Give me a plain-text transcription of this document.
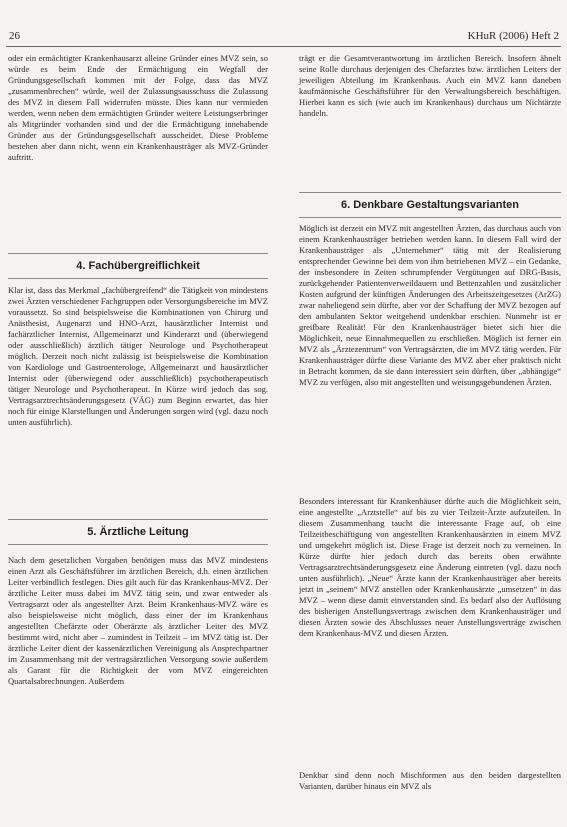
26	KHuR (2006) Heft 2

oder ein ermächtigter Krankenhausarzt alleine Gründer eines MVZ sein, so würde es beim Ende der Ermächtigung ein Wegfall der Gründungsgesellschaft kommen mit der Folge, dass das MVZ „zusammenbrechen“ würde, weil der Zulassungsausschuss die Zulassung des MVZ in diesem Fall widerrufen müsste. Dies kann nur vermieden werden, wenn neben dem ermächtigten Gründer weitere Leistungserbringer als Mitgründer vorhanden sind und der die Ermächtigung innehabende Gründer aus der Gründungsgesellschaft ausscheidet. Diese Probleme bestehen aber dann nicht, wenn ein Krankenhausträger als MVZ-Gründer auftritt.

4. Fachübergreiflichkeit

Klar ist, dass das Merkmal „fachübergreifend“ die Tätigkeit von mindestens zwei Ärzten verschiedener Fachgruppen oder Versorgungsbereiche im MVZ voraussetzt. So sind beispielsweise die Kombinationen von Chirurg und Anästhesist, Augenarzt und HNO-Arzt, hausärztlicher Internist und fachärztlicher Internist, Allgemeinarzt und Kinderarzt und (überwiegend oder ausschließlich) ärztlich tätiger Neurologe und Psychotherapeut möglich. Derzeit noch nicht zulässig ist beispielsweise die Kombination von Kardiologe und Gastroenterologe, Allgemeinarzt und hausärztlicher Internist oder (überwiegend oder ausschließlich) psychotherapeutisch tätiger Neurologe und Psychotherapeut. In Kürze wird jedoch das sog. Vertragsarztrechtsänderungsgesetz (VÄG) zum Beginn erwartet, das hier noch für einige Klarstellungen und Änderungen sorgen wird (vgl. dazu noch unten ausführlich).

5. Ärztliche Leitung

Nach dem gesetzlichen Vorgaben benötigen muss das MVZ mindestens einen Arzt als Geschäftsführer im ärztlichen Bereich, d.h. einen ärztlichen Leiter verbindlich festlegen. Dies gilt auch für das Krankenhaus-MVZ. Der ärztliche Leiter muss dabei im MVZ tätig sein, und zwar entweder als Vertragsarzt oder als angestellter Arzt. Beim Krankenhaus-MVZ wäre es also beispielsweise nicht möglich, dass einer der im Krankenhaus angestellten Chefärzte oder Oberärzte als ärztlicher Leiter des MVZ bestimmt wird, nicht aber – zumindest in Teilzeit – im MVZ tätig ist. Der ärztliche Leiter dient der kassenärztlichen Vereinigung als Ansprechpartner im Zusammenhang mit der vertragsärztlichen Versorgung sowie außerdem als Garant für die Richtigkeit der vom MVZ eingereichten Quartalsabrechnungen. Außerdem

trägt er die Gesamtverantwortung im ärztlichen Bereich. Insofern ähnelt seine Rolle durchaus derjenigen des Chefarztes bzw. ärztlichen Leiters der jeweiligen Abteilung im Krankenhaus. Auch ein MVZ kann daneben kaufmännische Geschäftsführer für den Verwaltungsbereich beschäftigen. Hierbei kann es sich (wie auch im Krankenhaus) durchaus um Nichtärzte handeln.

6. Denkbare Gestaltungsvarianten

Möglich ist derzeit ein MVZ mit angestellten Ärzten, das durchaus auch von einem Krankenhausträger betrieben werden kann. In diesem Fall wird der Krankenhausträger als „Unternehmer“ tätig mit der Realisierung entsprechender Gewinne bei dem von ihm betriebenen MVZ – ein Gedanke, der insbesondere in Zeiten schrumpfender Vergütungen auf DRG-Basis, zurückgehender Patientenverweildauern und Bettenzahlen und zusätzlicher Kosten aufgrund der künftigen Änderungen des Arbeitszeitgesetzes (ArZG) zwar naheliegend sein dürfte, aber vor der Schaffung der MVZ bezogen auf den ambulanten Sektor weitgehend undenkbar erschien. Nunmehr ist er greifbare Realität! Für den Krankenhausträger bietet sich hier die Möglichkeit, neue Einnahmequellen zu erschließen. Möglich ist ferner ein MVZ als „Ärztezentrum“ von Vertragsärzten, die im MVZ tätig werden. Für Krankenhausträger dürfte diese Variante des MVZ aber eher praktisch nicht in Betracht kommen, da sie dann interessiert sein dürften, über „abhängige“ MVZ zu verfügen, also mit angestellten und weisungsgebundenen Ärzten.

Besonders interessant für Krankenhäuser dürfte auch die Möglichkeit sein, eine angestellte „Arztstelle“ auf bis zu vier Teilzeit-Ärzte aufzuteilen. In diesem Zusammenhang taucht die interessante Frage auf, ob eine Teilzeitbeschäftigung von angestellten Krankenhausärzten in einem MVZ und umgekehrt möglich ist. Diese Frage ist derzeit noch zu verneinen. In Kürze dürfte hier jedoch durch das bereits oben erwähnte Vertragsarztrechtsänderungsgesetz eine Änderung eintreten (vgl. dazu noch unten ausführlich). „Neue“ Ärzte kann der Krankenhausträger aber bereits jetzt in „seinem“ MVZ anstellen oder Krankenhausärzte „umsetzen“ in das MVZ – wenn diese damit einverstanden sind. Es bedarf also der Auflösung des bisherigen Anstellungsvertrags zwischen dem Krankenhausträger und diesen Ärzten sowie des Abschlusses neuer Anstellungsverträge zwischen dem Krankenhaus-MVZ und diesen Ärzten.

Denkbar sind denn noch Mischformen aus den beiden dargestellten Varianten, darüber hinaus ein MVZ als
